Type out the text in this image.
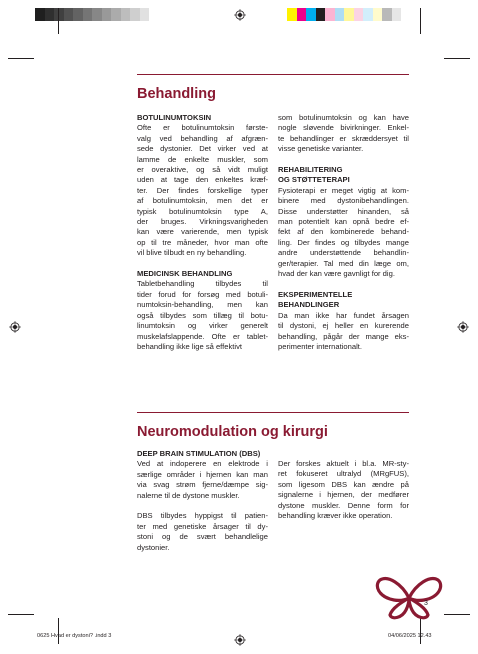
Behandling

BOTULINUMTOKSIN

Ofte er botulinumtoksin første-

valg ved behandling af afgræn-

sede dystonier. Det virker ved at

lamme de enkelte muskler, som

er overaktive, og så vidt muligt

uden at tage den enkeltes kræf-

ter. Der findes forskellige typer

af botulinumtoksin, men det er

typisk botulinumtoksin type A,

der bruges. Virkningsvarigheden

kan være varierende, men typisk

op til tre måneder, hvor man ofte

vil blive tilbudt en ny behandling.

MEDICINSK BEHANDLING

Tabletbehandling tilbydes til

tider forud for forsøg med botuli-

numtoksin-behandling, men kan

også tilbydes som tillæg til botu-

linumtoksin og virker generelt

muskelafslappende. Ofte er tablet-

behandling ikke lige så effektivt

som botulinumtoksin og kan have

nogle sløvende bivirkninger. Enkel-

te behandlinger er skræddersyet til

visse genetiske varianter.

REHABILITERING

OG STØTTETERAPI

Fysioterapi er meget vigtig at kom-

binere med dystonibehandlingen.

Disse understøtter hinanden, så

man potentielt kan opnå bedre ef-

fekt af den kombinerede behand-

ling. Der findes og tilbydes mange

andre understøttende behandlin-

ger/terapier. Tal med din læge om,

hvad der kan være gavnligt for dig.

EKSPERIMENTELLE

BEHANDLINGER

Da man ikke har fundet årsagen

til dystoni, ej heller en kurerende

behandling, pågår der mange eks-

perimenter internationalt.

Neuromodulation og kirurgi

DEEP BRAIN STIMULATION (DBS)

Ved at indoperere en elektrode i

særlige områder i hjernen kan man

via svag strøm fjerne/dæmpe sig-

nalerne til de dystone muskler.

DBS tilbydes hyppigst til patien-

ter med genetiske årsager til dy-

stoni og de svært behandlelige

dystonier.

Der forskes aktuelt i bl.a. MR-sty-

ret fokuseret ultralyd (MRgFUS),

som ligesom DBS kan ændre på

signalerne i hjernen, der medfører

dystone muskler. Denne form for

behandling kræver ikke operation.

3
0625 Hvad er dystoni? .indd 3	04/06/2025 12.43
